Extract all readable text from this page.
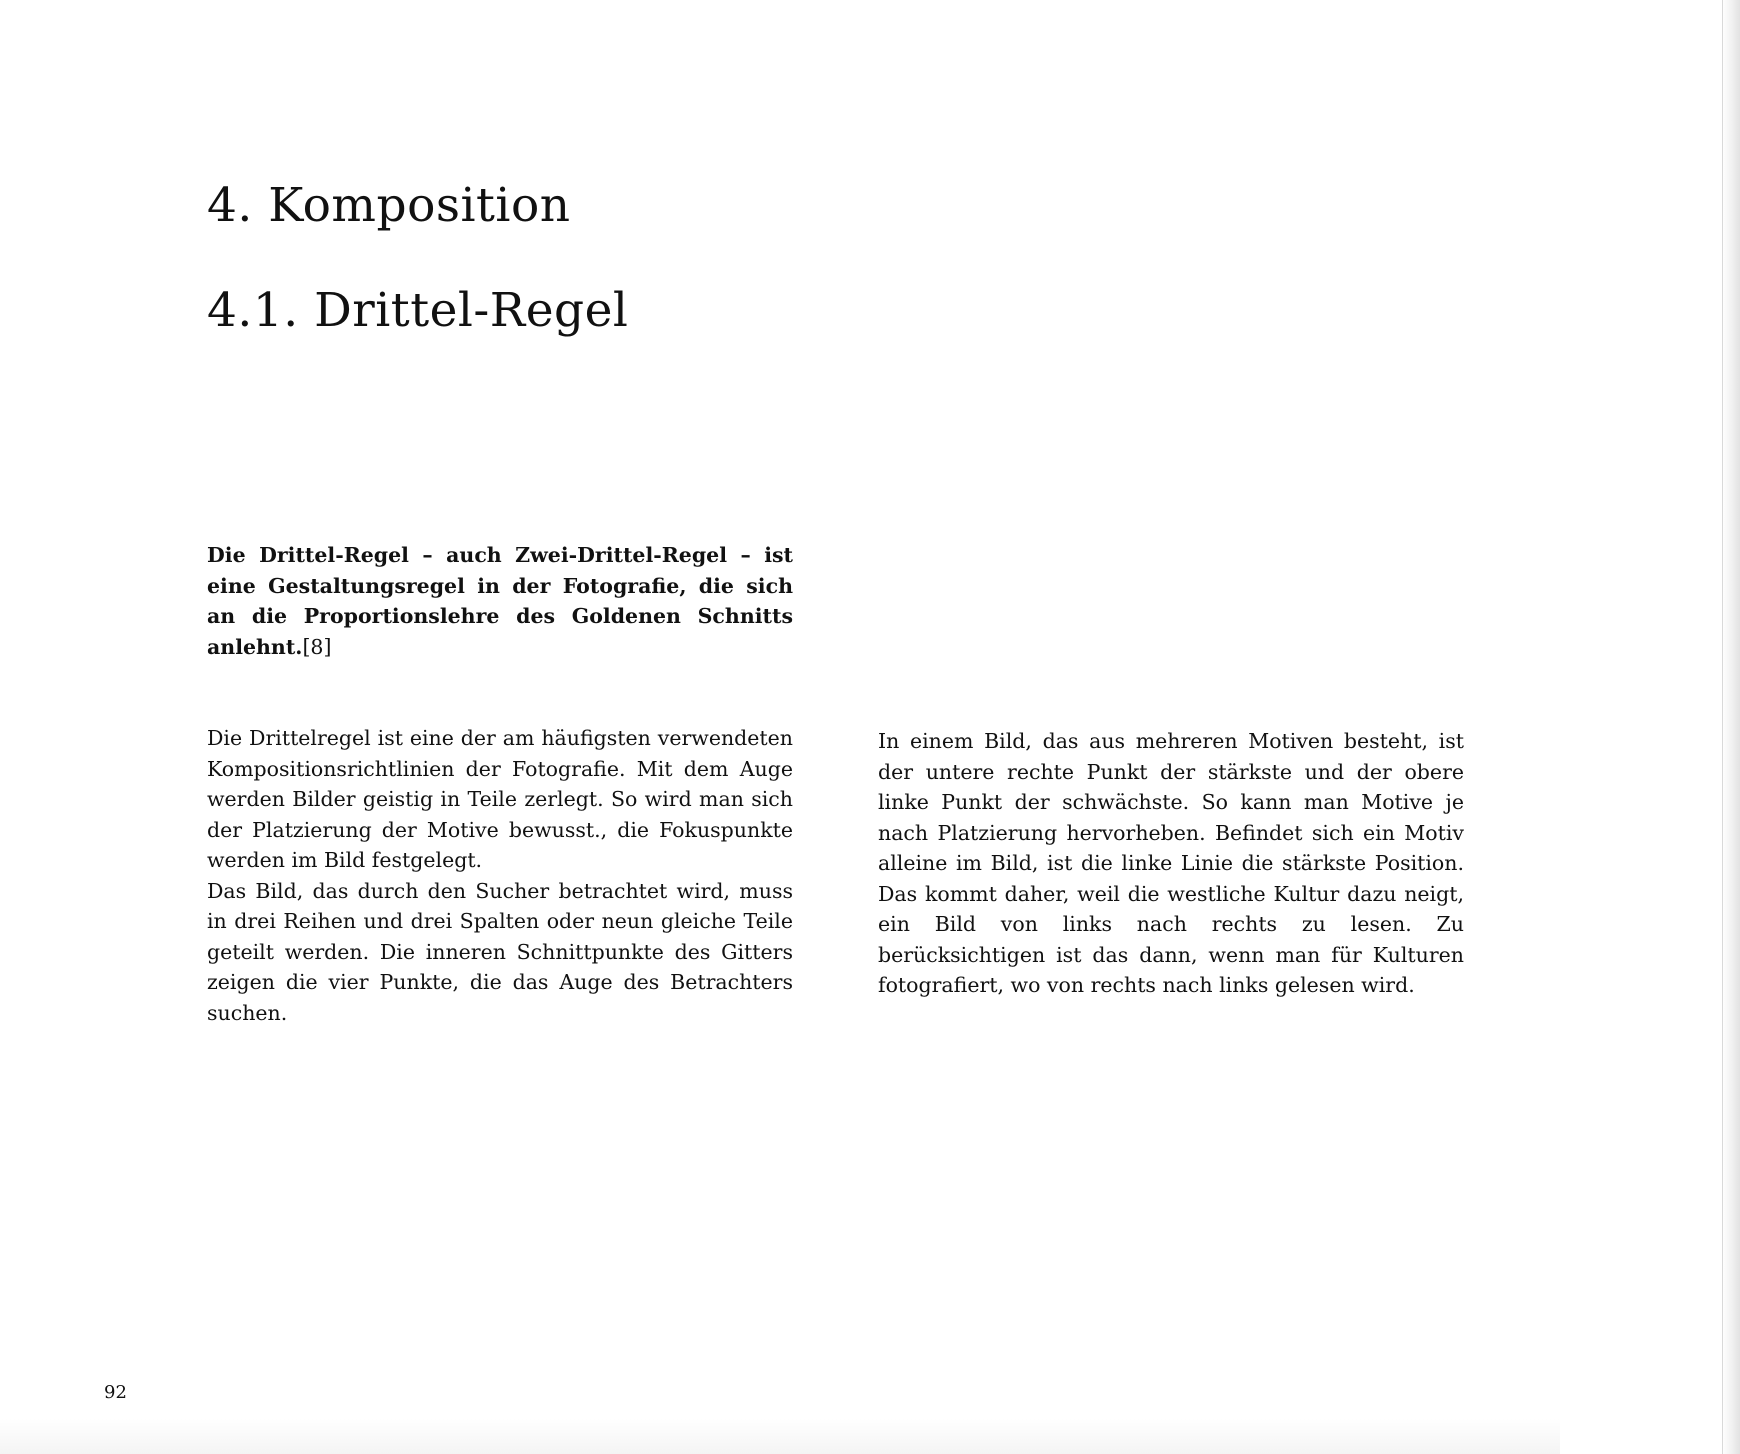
4. Komposition
4.1. Drittel-Regel

Die Drittel-Regel – auch Zwei-Drittel-Regel – ist eine Gestaltungsregel in der Fotografie, die sich an die Proportionslehre des Goldenen Schnitts anlehnt.[8]

Die Drittelregel ist eine der am häufigsten verwendeten Kompositionsrichtlinien der Fotografie. Mit dem Auge werden Bilder geistig in Teile zerlegt. So wird man sich der Platzierung der Motive bewusst., die Fokuspunkte werden im Bild festgelegt.

Das Bild, das durch den Sucher betrachtet wird, muss in drei Reihen und drei Spalten oder neun gleiche Teile geteilt werden. Die inneren Schnittpunkte des Gitters zeigen die vier Punkte, die das Auge des Betrachters suchen.

In einem Bild, das aus mehreren Motiven besteht, ist der untere rechte Punkt der stärkste und der obere linke Punkt der schwächste. So kann man Motive je nach Platzierung hervorheben. Befindet sich ein Motiv alleine im Bild, ist die linke Linie die stärkste Position. Das kommt daher, weil die westliche Kultur dazu neigt, ein Bild von links nach rechts zu lesen. Zu berücksichtigen ist das dann, wenn man für Kulturen fotografiert, wo von rechts nach links gelesen wird.

92
